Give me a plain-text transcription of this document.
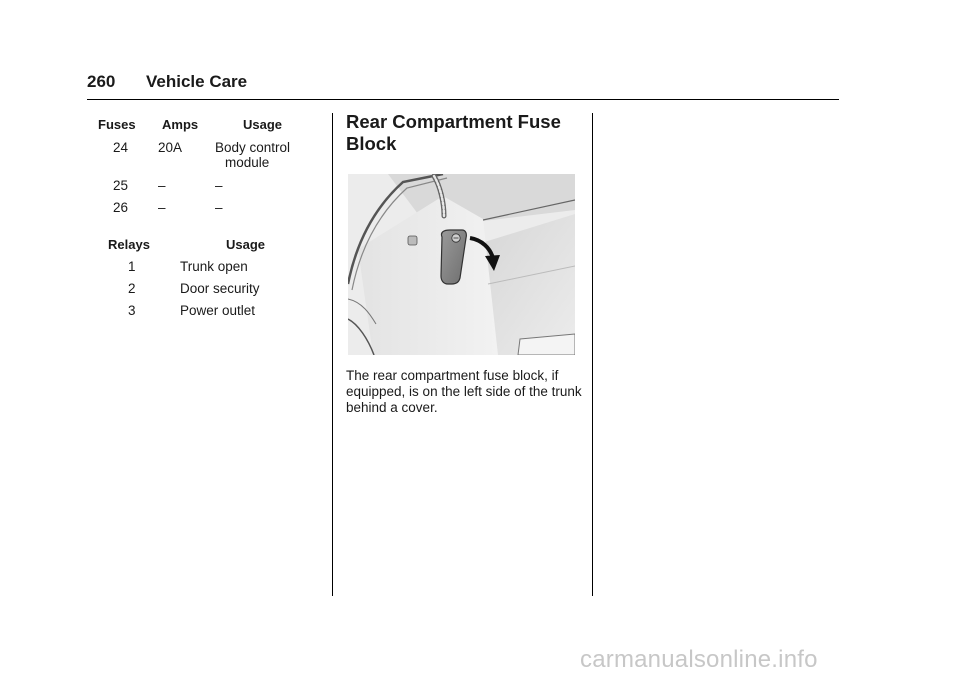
260 Vehicle Care
Fuses Amps	Usage
24 20A Body control
module
25 –	–
26 –	–
Relays	Usage
1	Trunk open
2	Door security
3	Power outlet
Rear Compartment Fuse
Block
The rear compartment fuse block, if equipped, is on the left side of the trunk behind a cover.
carmanualsonline.info
